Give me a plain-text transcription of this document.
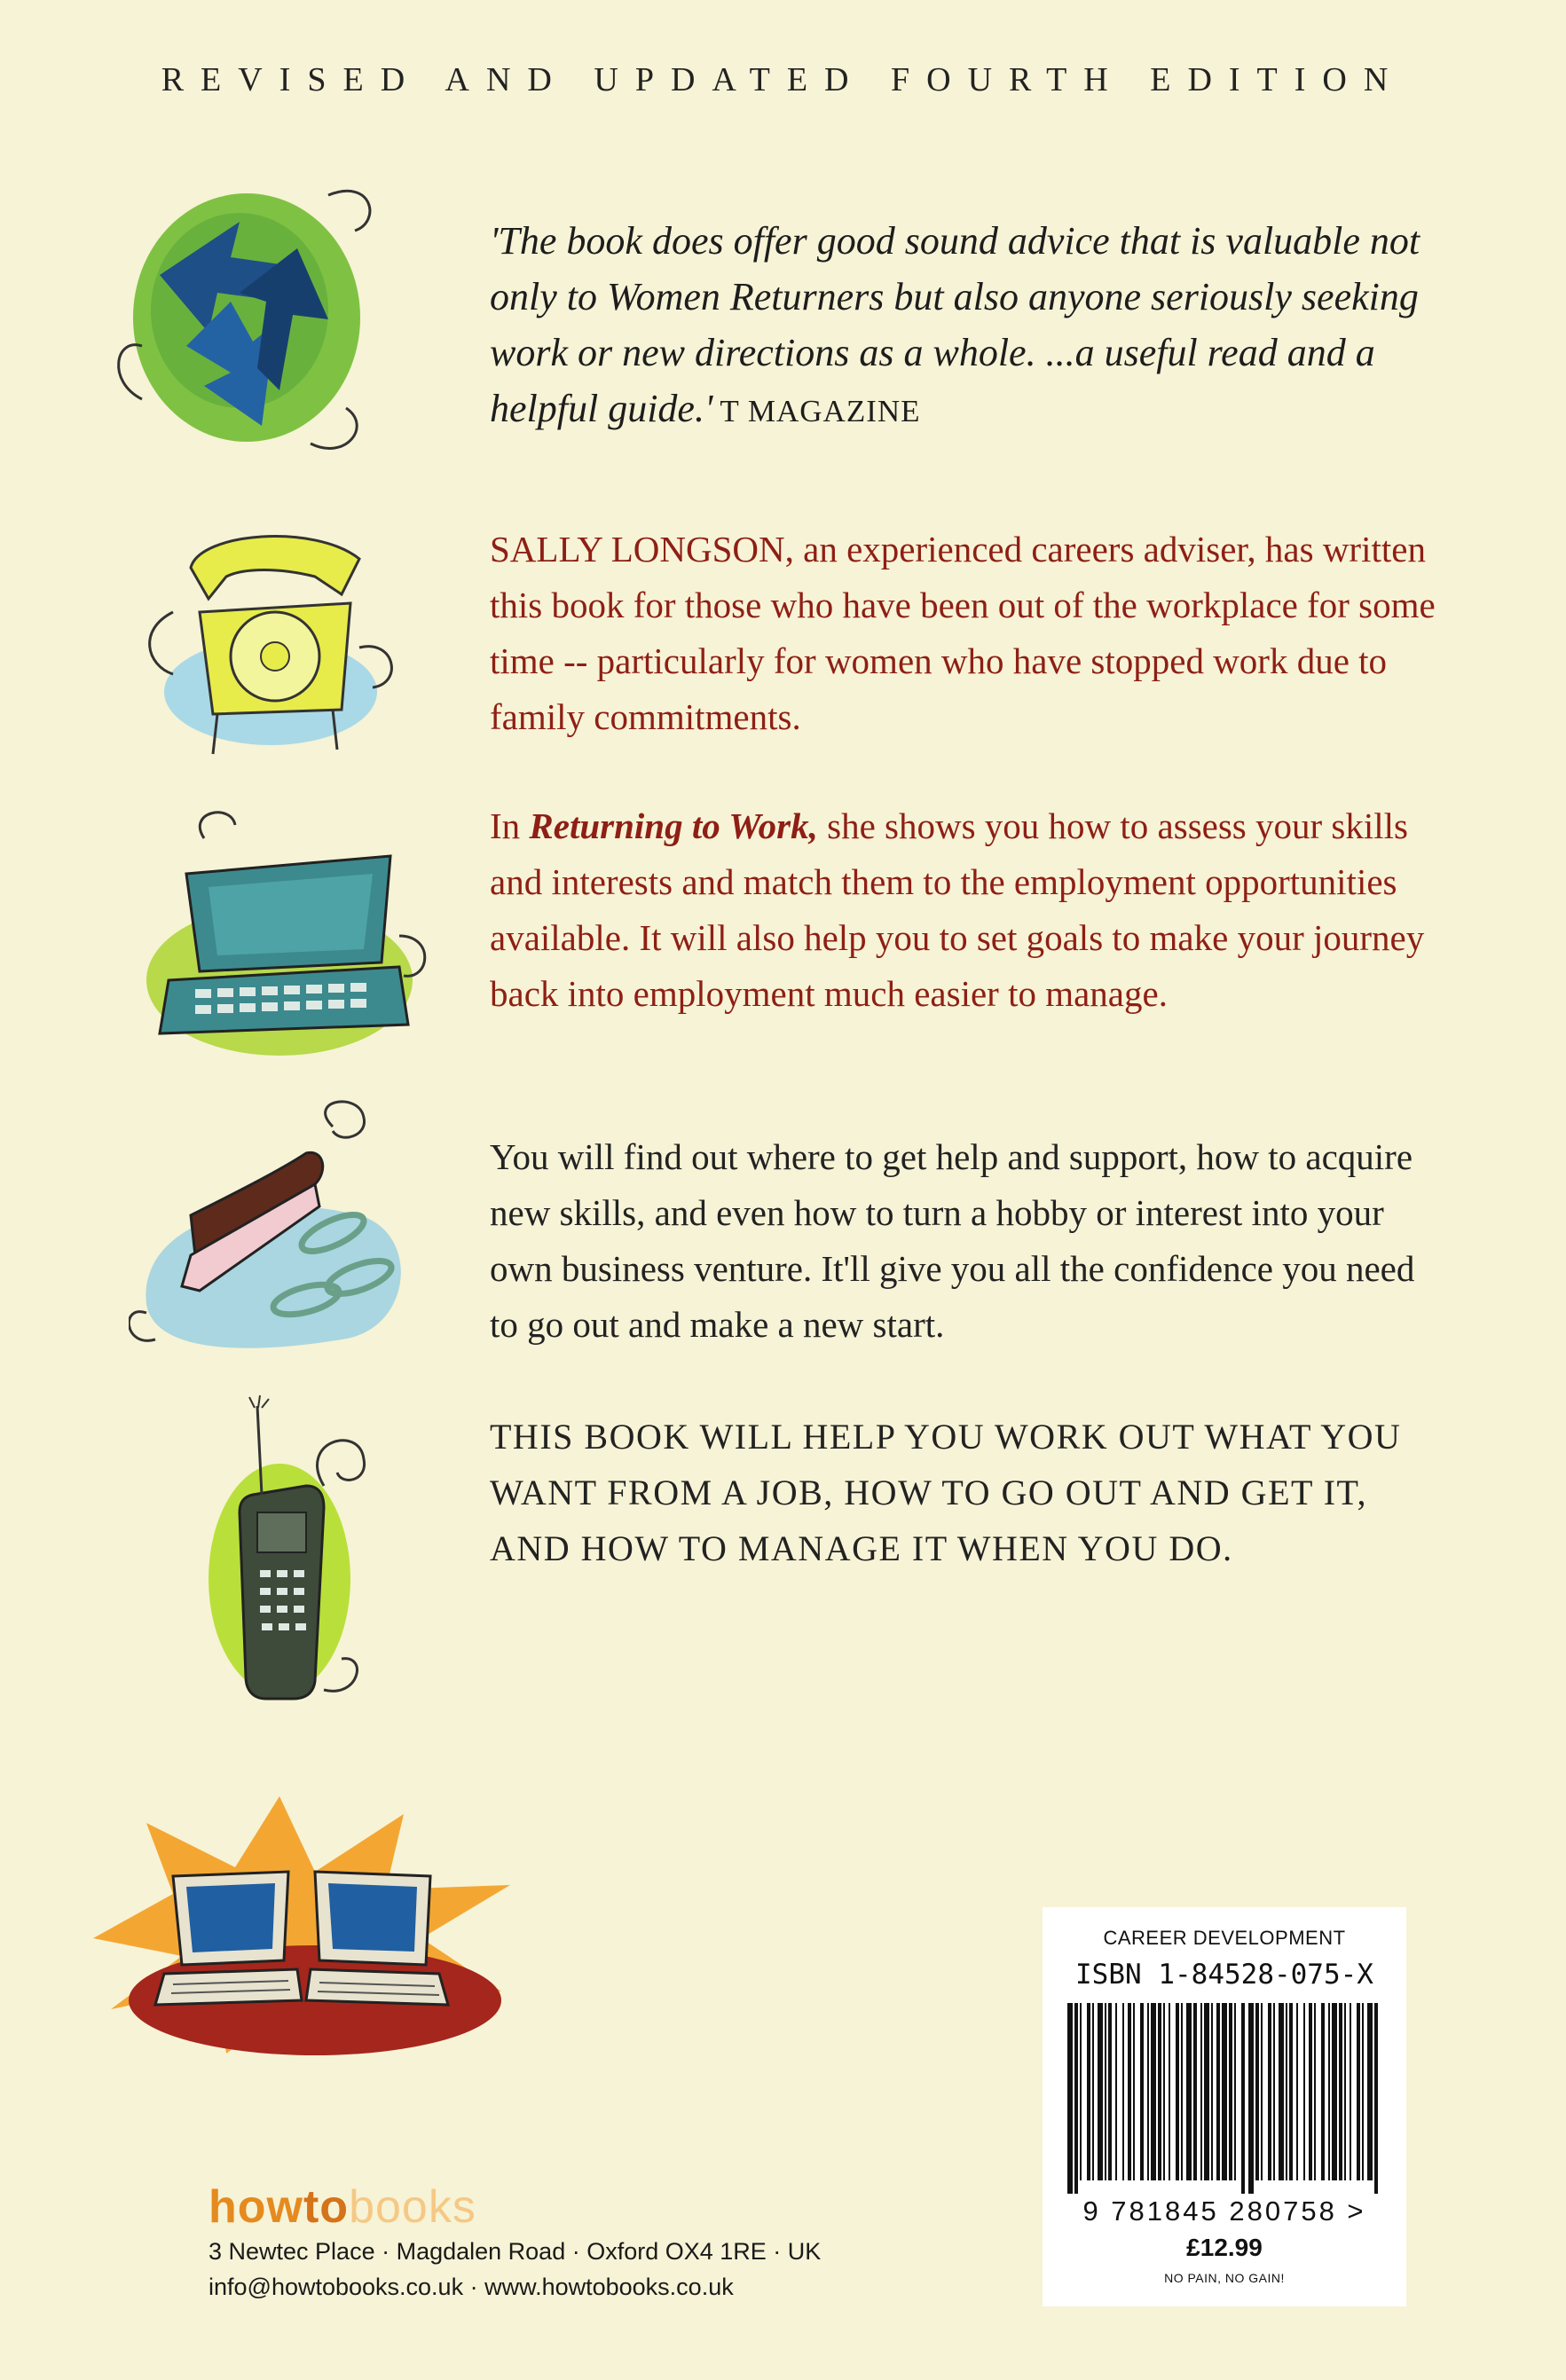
REVISED AND UPDATED FOURTH EDITION
'The book does offer good sound advice that is valuable not only to Women Returners but also anyone seriously seeking work or new directions as a whole. ...a useful read and a helpful guide.' T MAGAZINE
SALLY LONGSON, an experienced careers adviser, has written this book for those who have been out of the workplace for some time -- particularly for women who have stopped work due to family commitments.
In Returning to Work, she shows you how to assess your skills and interests and match them to the employment opportunities available. It will also help you to set goals to make your journey back into employment much easier to manage.
You will find out where to get help and support, how to acquire new skills, and even how to turn a hobby or interest into your own business venture. It'll give you all the confidence you need to go out and make a new start.
THIS BOOK WILL HELP YOU WORK OUT WHAT YOU WANT FROM A JOB, HOW TO GO OUT AND GET IT, AND HOW TO MANAGE IT WHEN YOU DO.
howtobooks
3 Newtec Place · Magdalen Road · Oxford OX4 1RE · UK
info@howtobooks.co.uk · www.howtobooks.co.uk
CAREER DEVELOPMENT
ISBN 1-84528-075-X
9 781845 280758 >
£12.99
NO PAIN, NO GAIN!
